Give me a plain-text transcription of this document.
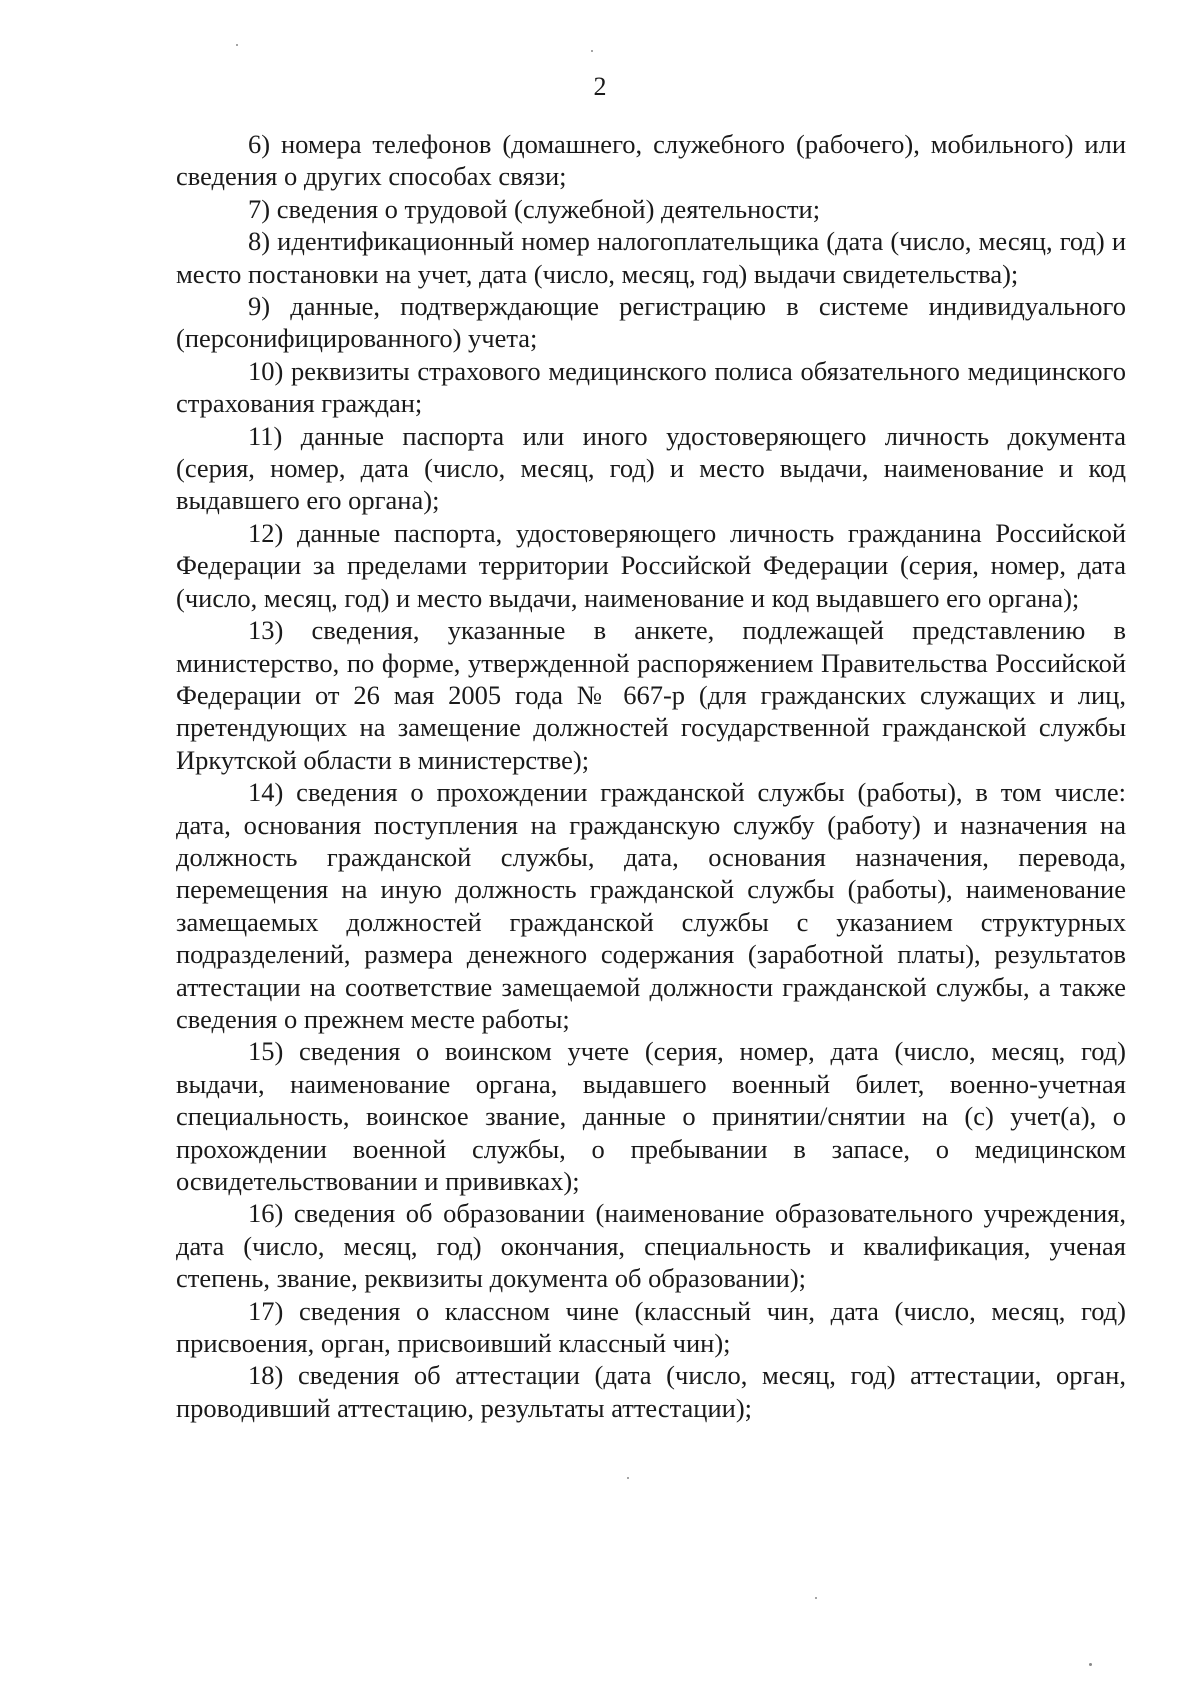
2

6) номера телефонов (домашнего, служебного (рабочего), мобильного) или сведения о других способах связи;

7) сведения о трудовой (служебной) деятельности;

8) идентификационный номер налогоплательщика (дата (число, месяц, год) и место постановки на учет, дата (число, месяц, год) выдачи свидетельства);

9) данные, подтверждающие регистрацию в системе индивидуального (персонифицированного) учета;

10) реквизиты страхового медицинского полиса обязательного медицинского страхования граждан;

11) данные паспорта или иного удостоверяющего личность документа (серия, номер, дата (число, месяц, год) и место выдачи, наименование и код выдавшего его органа);

12) данные паспорта, удостоверяющего личность гражданина Российской Федерации за пределами территории Российской Федерации (серия, номер, дата (число, месяц, год) и место выдачи, наименование и код выдавшего его органа);

13) сведения, указанные в анкете, подлежащей представлению в министерство, по форме, утвержденной распоряжением Правительства Российской Федерации от 26 мая 2005 года № 667-р (для гражданских служащих и лиц, претендующих на замещение должностей государственной гражданской службы Иркутской области в министерстве);

14) сведения о прохождении гражданской службы (работы), в том числе: дата, основания поступления на гражданскую службу (работу) и назначения на должность гражданской службы, дата, основания назначения, перевода, перемещения на иную должность гражданской службы (работы), наименование замещаемых должностей гражданской службы с указанием структурных подразделений, размера денежного содержания (заработной платы), результатов аттестации на соответствие замещаемой должности гражданской службы, а также сведения о прежнем месте работы;

15) сведения о воинском учете (серия, номер, дата (число, месяц, год) выдачи, наименование органа, выдавшего военный билет, военно-учетная специальность, воинское звание, данные о принятии/снятии на (с) учет(а), о прохождении военной службы, о пребывании в запасе, о медицинском освидетельствовании и прививках);

16) сведения об образовании (наименование образовательного учреждения, дата (число, месяц, год) окончания, специальность и квалификация, ученая степень, звание, реквизиты документа об образовании);

17) сведения о классном чине (классный чин, дата (число, месяц, год) присвоения, орган, присвоивший классный чин);

18) сведения об аттестации (дата (число, месяц, год) аттестации, орган, проводивший аттестацию, результаты аттестации);
